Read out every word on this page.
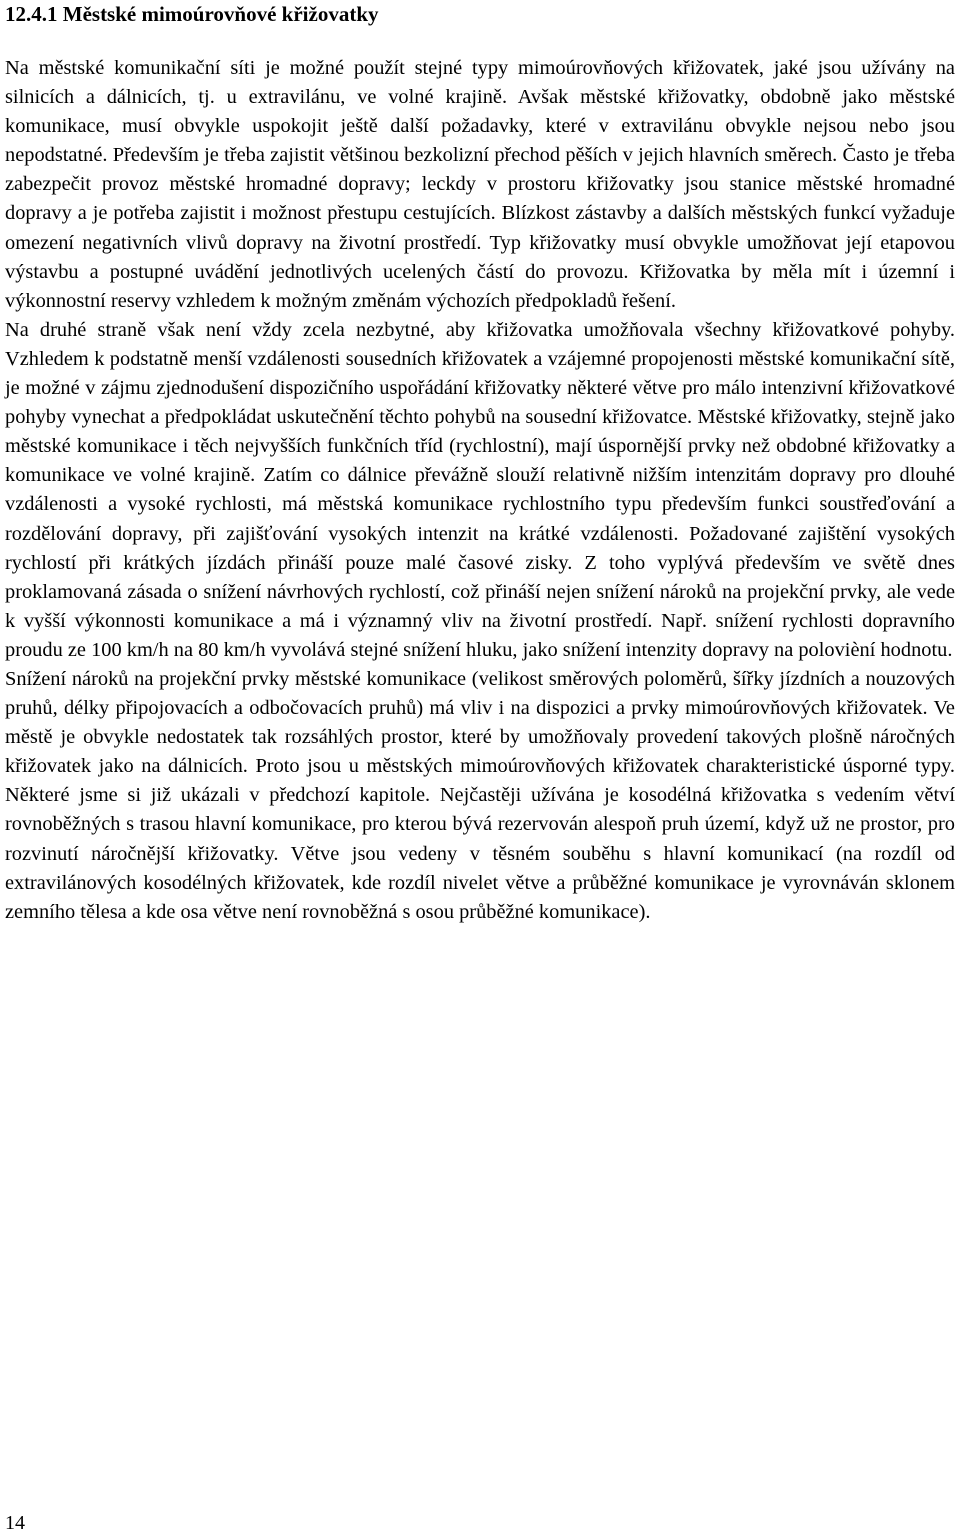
12.4.1 Městské mimoúrovňové křižovatky

Na městské komunikační síti je možné použít stejné typy mimoúrovňových křižovatek, jaké jsou užívány na silnicích a dálnicích, tj. u extravilánu, ve volné krajině. Avšak městské křižovatky, obdobně jako městské komunikace, musí obvykle uspokojit ještě další požadavky, které v extravilánu obvykle nejsou nebo jsou nepodstatné. Především je třeba zajistit většinou bezkolizní přechod pěších v jejich hlavních směrech. Často je třeba zabezpečit provoz městské hromadné dopravy; leckdy v prostoru křižovatky jsou stanice městské hromadné dopravy a je potřeba zajistit i možnost přestupu cestujících. Blízkost zástavby a dalších městských funkcí vyžaduje omezení negativních vlivů dopravy na životní prostředí. Typ křižovatky musí obvykle umožňovat její etapovou výstavbu a postupné uvádění jednotlivých ucelených částí do provozu. Křižovatka by měla mít i územní i výkonnostní reservy vzhledem k možným změnám výchozích předpokladů řešení.

Na druhé straně však není vždy zcela nezbytné, aby křižovatka umožňovala všechny křižovatkové pohyby. Vzhledem k podstatně menší vzdálenosti sousedních křižovatek a vzájemné propojenosti městské komunikační sítě, je možné v zájmu zjednodušení dispozičního uspořádání křižovatky některé větve pro málo intenzivní křižovatkové pohyby vynechat a předpokládat uskutečnění těchto pohybů na sousední křižovatce. Městské křižovatky, stejně jako městské komunikace i těch nejvyšších funkčních tříd (rychlostní), mají úspornější prvky než obdobné křižovatky a komunikace ve volné krajině. Zatím co dálnice převážně slouží relativně nižším intenzitám dopravy pro dlouhé vzdálenosti a vysoké rychlosti, má městská komunikace rychlostního typu především funkci soustřeďování a rozdělování dopravy, při zajišťování vysokých intenzit na krátké vzdálenosti. Požadované zajištění vysokých rychlostí při krátkých jízdách přináší pouze malé časové zisky. Z toho vyplývá především ve světě dnes proklamovaná zásada o snížení návrhových rychlostí, což přináší nejen snížení nároků na projekční prvky, ale vede k vyšší výkonnosti komunikace a má i významný vliv na životní prostředí. Např. snížení rychlosti dopravního proudu ze 100 km/h na 80 km/h vyvolává stejné snížení hluku, jako snížení intenzity dopravy na polovièní hodnotu.

Snížení nároků na projekční prvky městské komunikace (velikost směrových poloměrů, šířky jízdních a nouzových pruhů, délky připojovacích a odbočovacích pruhů) má vliv i na dispozici a prvky mimoúrovňových křižovatek. Ve městě je obvykle nedostatek tak rozsáhlých prostor, které by umožňovaly provedení takových plošně náročných křižovatek jako na dálnicích. Proto jsou u městských mimoúrovňových křižovatek charakteristické úsporné typy. Některé jsme si již ukázali v předchozí kapitole. Nejčastěji užívána je kosodélná křižovatka s vedením větví rovnoběžných s trasou hlavní komunikace, pro kterou bývá rezervován alespoň pruh území, když už ne prostor, pro rozvinutí náročnější křižovatky. Větve jsou vedeny v těsném souběhu s hlavní komunikací (na rozdíl od extravilánových kosodélných křižovatek, kde rozdíl nivelet větve a průběžné komunikace je vyrovnáván sklonem zemního tělesa a kde osa větve není rovnoběžná s osou průběžné komunikace).

14
